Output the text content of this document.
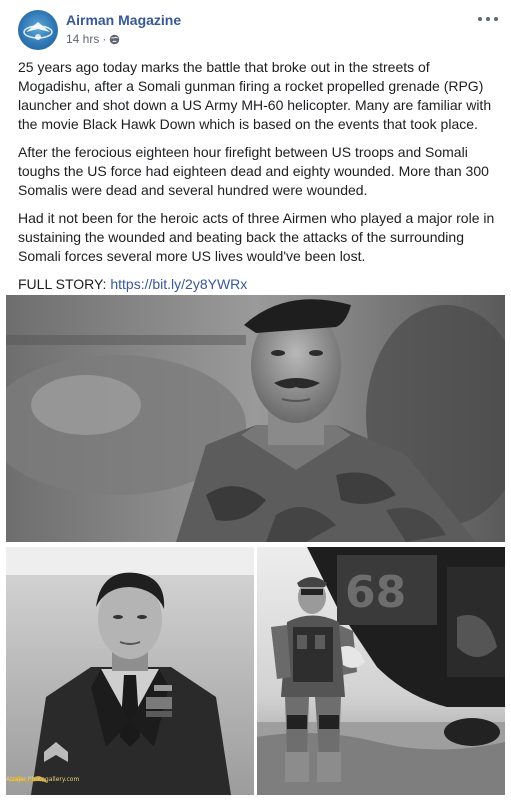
Airman Magazine
14 hrs ·

25 years ago today marks the battle that broke out in the streets of Mogadishu, after a Somali gunman firing a rocket propelled grenade (RPG) launcher and shot down a US Army MH-60 helicopter. Many are familiar with the movie Black Hawk Down which is based on the events that took place.

After the ferocious eighteen hour firefight between US troops and Somali toughs the US force had eighteen dead and eighty wounded. More than 300 Somalis were dead and several hundred were wounded.

Had it not been for the heroic acts of three Airmen who played a major role in sustaining the wounded and beating back the attacks of the surrounding Somali forces several more US lives would've been lost.

FULL STORY: https://bit.ly/2y8YWRx

68
Alzajer.Photogallery.com
